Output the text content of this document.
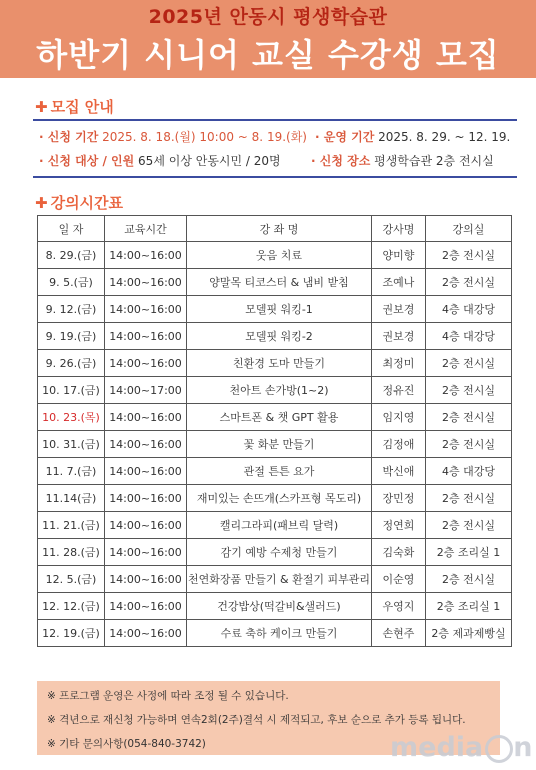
2025년 안동시 평생학습관
하반기 시니어 교실 수강생 모집
✚ 모집 안내
· 신청 기간 2025. 8. 18.(월) 10:00 ~ 8. 19.(화) · 운영 기간 2025. 8. 29. ~ 12. 19.
· 신청 대상 / 인원 65세 이상 안동시민 / 20명	· 신청 장소 평생학습관 2층 전시실
✚ 강의시간표
일 자	교육시간	강 좌 명	강사명	강의실
8. 29.(금)	14:00~16:00	웃음 치료	양미향	2층 전시실
9. 5.(금)	14:00~16:00	양말목 티코스터 & 냄비 받침	조예나	2층 전시실
9. 12.(금)	14:00~16:00	모델핏 워킹-1	권보경	4층 대강당
9. 19.(금)	14:00~16:00	모델핏 워킹-2	권보경	4층 대강당
9. 26.(금)	14:00~16:00	친환경 도마 만들기	최정미	2층 전시실
10. 17.(금)	14:00~17:00	천아트 손가방(1~2)	정유진	2층 전시실
10. 23.(목)	14:00~16:00	스마트폰 & 챗 GPT 활용	임지영	2층 전시실
10. 31.(금)	14:00~16:00	꽃 화분 만들기	김정애	2층 전시실
11. 7.(금)	14:00~16:00	관절 튼튼 요가	박신애	4층 대강당
11.14(금)	14:00~16:00	재미있는 손뜨개(스카프형 목도리)	장민정	2층 전시실
11. 21.(금)	14:00~16:00	캘리그라피(패브릭 달력)	정연희	2층 전시실
11. 28.(금)	14:00~16:00	감기 예방 수제청 만들기	김숙화	2층 조리실 1
12. 5.(금)	14:00~16:00	천연화장품 만들기 & 환절기 피부관리	이순영	2층 전시실
12. 12.(금)	14:00~16:00	건강밥상(떡갈비&샐러드)	우영지	2층 조리실 1
12. 19.(금)	14:00~16:00	수료 축하 케이크 만들기	손현주	2층 제과제빵실
※ 프로그램 운영은 사정에 따라 조정 될 수 있습니다.
※ 격년으로 재신청 가능하며 연속2회(2주)결석 시 제적되고, 후보 순으로 추가 등록 됩니다.
※ 기타 문의사항(054-840-3742)	media n
